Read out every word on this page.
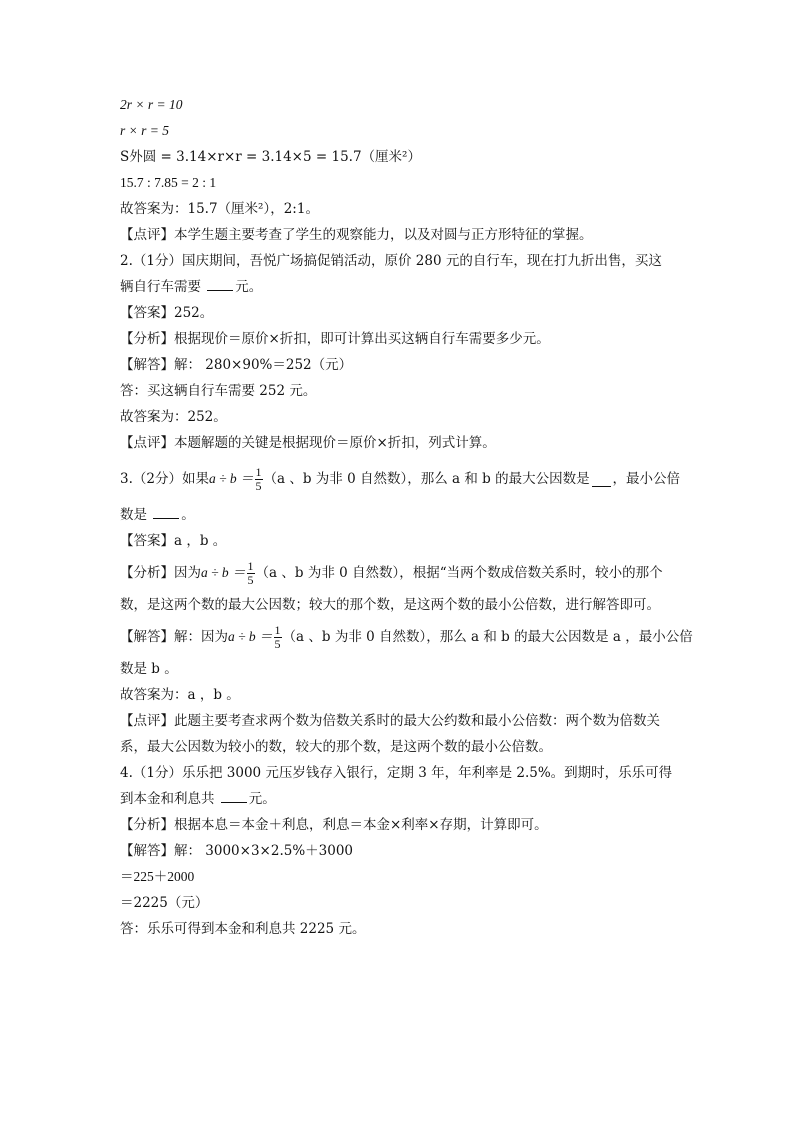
2r × r = 10
r × r = 5
S外圆 = 3.14×r×r = 3.14×5 = 15.7（厘米²）
15.7 : 7.85 = 2 : 1
故答案为：15.7（厘米²），2:1。
【点评】本学生题主要考查了学生的观察能力，以及对圆与正方形特征的掌握。
2.（1分）国庆期间，吾悦广场搞促销活动，原价 280 元的自行车，现在打九折出售，买这
辆自行车需要 元。
【答案】252。
【分析】根据现价＝原价×折扣，即可计算出买这辆自行车需要多少元。
【解答】解： 280×90%＝252（元）
答：买这辆自行车需要 252 元。
故答案为：252。
【点评】本题解题的关键是根据现价＝原价×折扣，列式计算。
3.（2分）如果 $a \div b = \frac{1}{5} (a$ 、b 为非 0 自然数），那么 a 和 b 的最大公因数是 ，最小公倍
数是 。
【答案】a ，b 。
【分析】因为 $a \div b = \frac{1}{5} (a$ 、b 为非 0 自然数），根据“当两个数成倍数关系时，较小的那个
数，是这两个数的最大公因数；较大的那个数，是这两个数的最小公倍数，进行解答即可。
【解答】解：因为 $a \div b = \frac{1}{5} (a$ 、b 为非 0 自然数），那么 a 和 b 的最大公因数是 a ，最小公倍
数是 b 。
故答案为：a ，b 。
【点评】此题主要考查求两个数为倍数关系时的最大公约数和最小公倍数：两个数为倍数关
系，最大公因数为较小的数，较大的那个数，是这两个数的最小公倍数。
4.（1分）乐乐把 3000 元压岁钱存入银行，定期 3 年，年利率是 2.5%。到期时，乐乐可得
到本金和利息共 元。
【分析】根据本息＝本金＋利息，利息＝本金×利率×存期，计算即可。
【解答】解： 3000×3×2.5%＋3000
＝225＋2000
＝2225（元）
答：乐乐可得到本金和利息共 2225 元。
